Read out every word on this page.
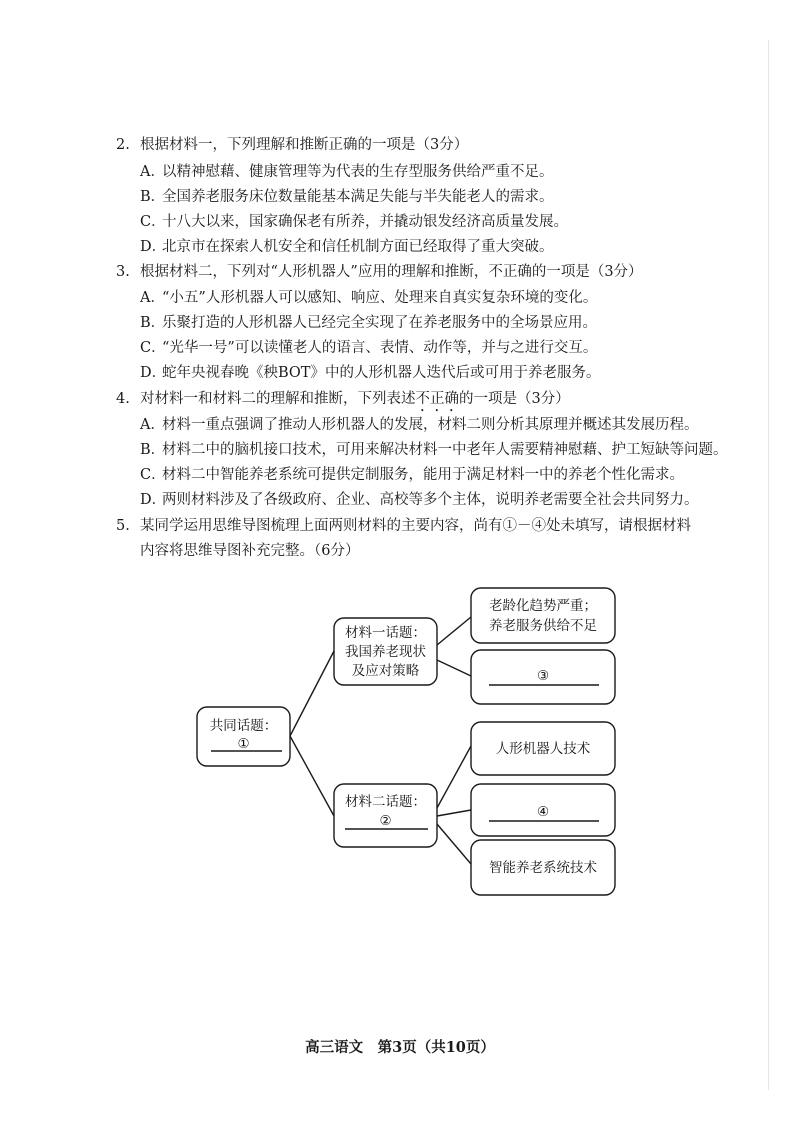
2. 根据材料一，下列理解和推断正确的一项是（3分）
A．以精神慰藉、健康管理等为代表的生存型服务供给严重不足。
B．全国养老服务床位数量能基本满足失能与半失能老人的需求。
C．十八大以来，国家确保老有所养，并撬动银发经济高质量发展。
D．北京市在探索人机安全和信任机制方面已经取得了重大突破。
3. 根据材料二，下列对“人形机器人”应用的理解和推断，不正确的一项是（3分）
A．“小五”人形机器人可以感知、响应、处理来自真实复杂环境的变化。
B．乐聚打造的人形机器人已经完全实现了在养老服务中的全场景应用。
C．“光华一号”可以读懂老人的语言、表情、动作等，并与之进行交互。
D．蛇年央视春晚《秧BOT》中的人形机器人迭代后或可用于养老服务。
4. 对材料一和材料二的理解和推断，下列表述不正确的一项是（3分）
A．材料一重点强调了推动人形机器人的发展，材料二则分析其原理并概述其发展历程。
B．材料二中的脑机接口技术，可用来解决材料一中老年人需要精神慰藉、护工短缺等问题。
C．材料二中智能养老系统可提供定制服务，能用于满足材料一中的养老个性化需求。
D．两则材料涉及了各级政府、企业、高校等多个主体，说明养老需要全社会共同努力。
5. 某同学运用思维导图梳理上面两则材料的主要内容，尚有①－④处未填写，请根据材料
内容将思维导图补充完整。（6分）
共同话题：
①
材料一话题：
我国养老现状
及应对策略
老龄化趋势严重；
养老服务供给不足
③
材料二话题：
②
人形机器人技术
④
智能养老系统技术
高三语文　第3页（共10页）
